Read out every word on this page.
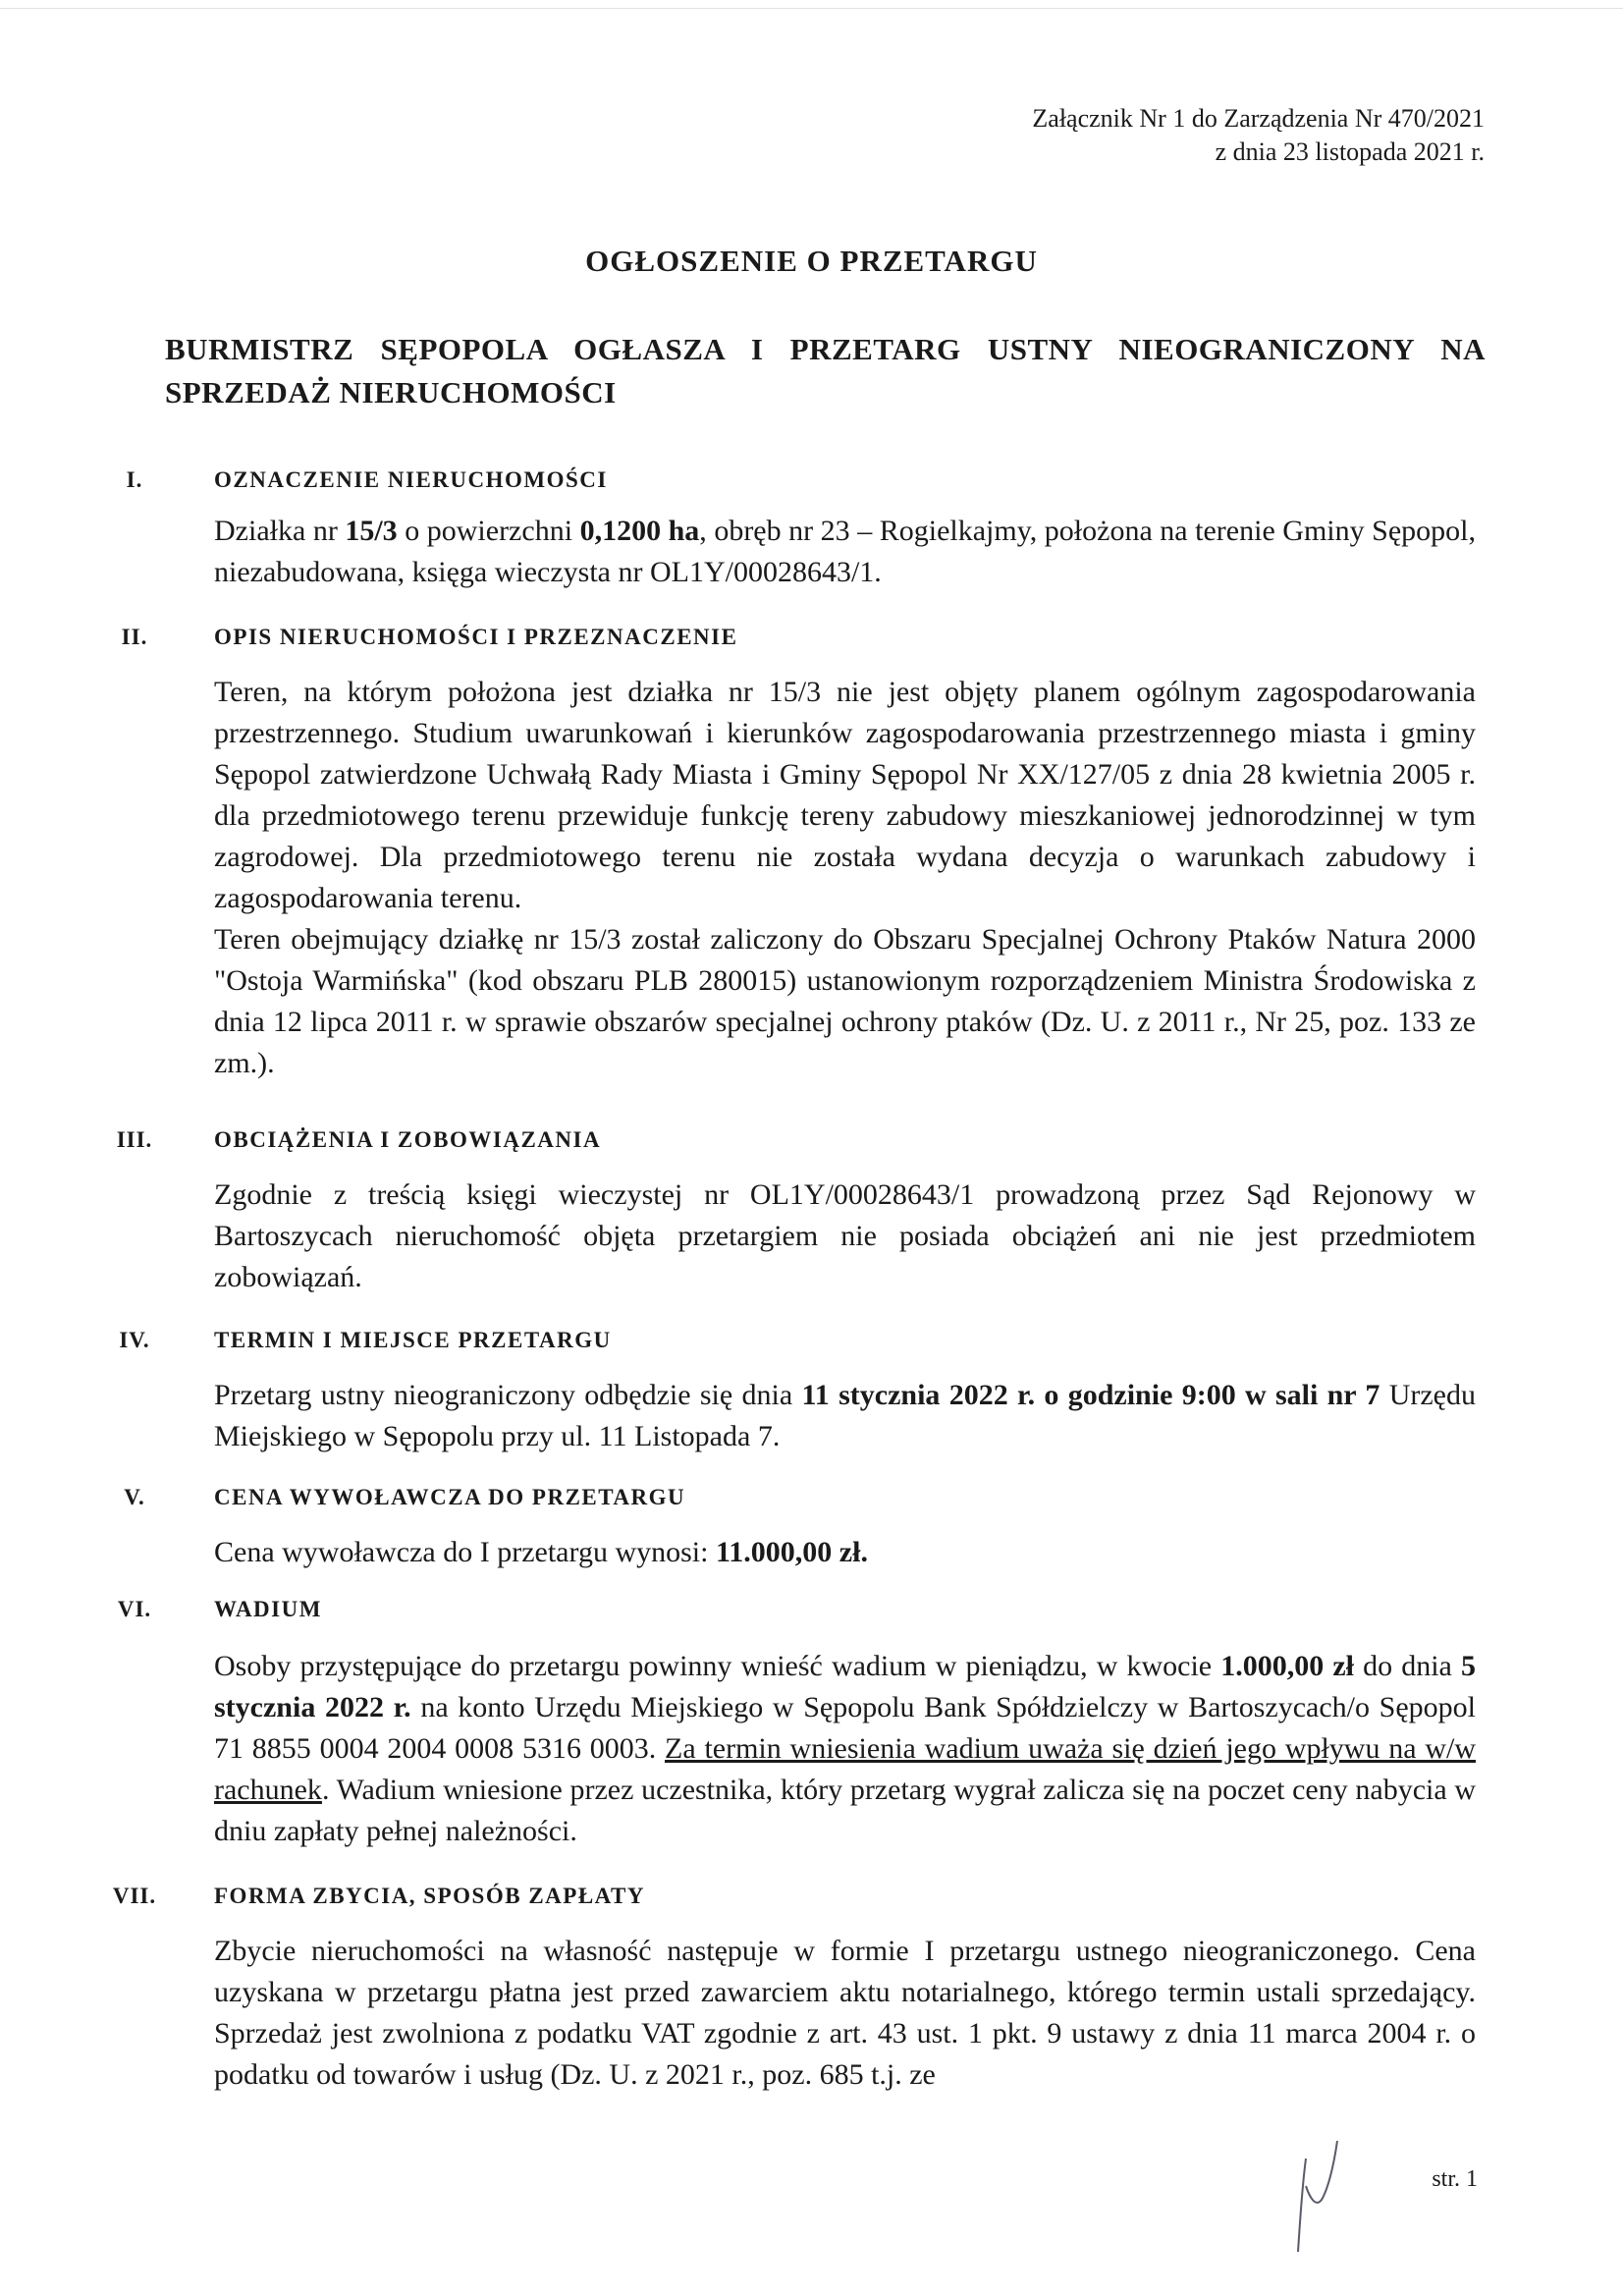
Załącznik Nr 1 do Zarządzenia Nr 470/2021
z dnia 23 listopada 2021 r.
OGŁOSZENIE O PRZETARGU
BURMISTRZ SĘPOPOLA OGŁASZA I PRZETARG USTNY NIEOGRANICZONY NA SPRZEDAŻ NIERUCHOMOŚCI
I.	OZNACZENIE NIERUCHOMOŚCI

Działka nr 15/3 o powierzchni 0,1200 ha, obręb nr 23 – Rogielkajmy, położona na terenie Gminy Sępopol, niezabudowana, księga wieczysta nr OL1Y/00028643/1.

II.	OPIS NIERUCHOMOŚCI I PRZEZNACZENIE

Teren, na którym położona jest działka nr 15/3 nie jest objęty planem ogólnym zagospodarowania przestrzennego. Studium uwarunkowań i kierunków zagospodarowania przestrzennego miasta i gminy Sępopol zatwierdzone Uchwałą Rady Miasta i Gminy Sępopol Nr XX/127/05 z dnia 28 kwietnia 2005 r. dla przedmiotowego terenu przewiduje funkcję tereny zabudowy mieszkaniowej jednorodzinnej w tym zagrodowej. Dla przedmiotowego terenu nie została wydana decyzja o warunkach zabudowy i zagospodarowania terenu.

Teren obejmujący działkę nr 15/3 został zaliczony do Obszaru Specjalnej Ochrony Ptaków Natura 2000 "Ostoja Warmińska" (kod obszaru PLB 280015) ustanowionym rozporządzeniem Ministra Środowiska z dnia 12 lipca 2011 r. w sprawie obszarów specjalnej ochrony ptaków (Dz. U. z 2011 r., Nr 25, poz. 133 ze zm.).

III.	OBCIĄŻENIA I ZOBOWIĄZANIA

Zgodnie z treścią księgi wieczystej nr OL1Y/00028643/1 prowadzoną przez Sąd Rejonowy w Bartoszycach nieruchomość objęta przetargiem nie posiada obciążeń ani nie jest przedmiotem zobowiązań.

IV.	TERMIN I MIEJSCE PRZETARGU

Przetarg ustny nieograniczony odbędzie się dnia 11 stycznia 2022 r. o godzinie 9:00 w sali nr 7 Urzędu Miejskiego w Sępopolu przy ul. 11 Listopada 7.

V.	CENA WYWOŁAWCZA DO PRZETARGU

Cena wywoławcza do I przetargu wynosi: 11.000,00 zł.

VI.	WADIUM

Osoby przystępujące do przetargu powinny wnieść wadium w pieniądzu, w kwocie 1.000,00 zł do dnia 5 stycznia 2022 r. na konto Urzędu Miejskiego w Sępopolu Bank Spółdzielczy w Bartoszycach/o Sępopol 71 8855 0004 2004 0008 5316 0003. Za termin wniesienia wadium uważa się dzień jego wpływu na w/w rachunek. Wadium wniesione przez uczestnika, który przetarg wygrał zalicza się na poczet ceny nabycia w dniu zapłaty pełnej należności.

VII.	FORMA ZBYCIA, SPOSÓB ZAPŁATY

Zbycie nieruchomości na własność następuje w formie I przetargu ustnego nieograniczonego. Cena uzyskana w przetargu płatna jest przed zawarciem aktu notarialnego, którego termin ustali sprzedający. Sprzedaż jest zwolniona z podatku VAT zgodnie z art. 43 ust. 1 pkt. 9 ustawy z dnia 11 marca 2004 r. o podatku od towarów i usług (Dz. U. z 2021 r., poz. 685 t.j. ze

str. 1
